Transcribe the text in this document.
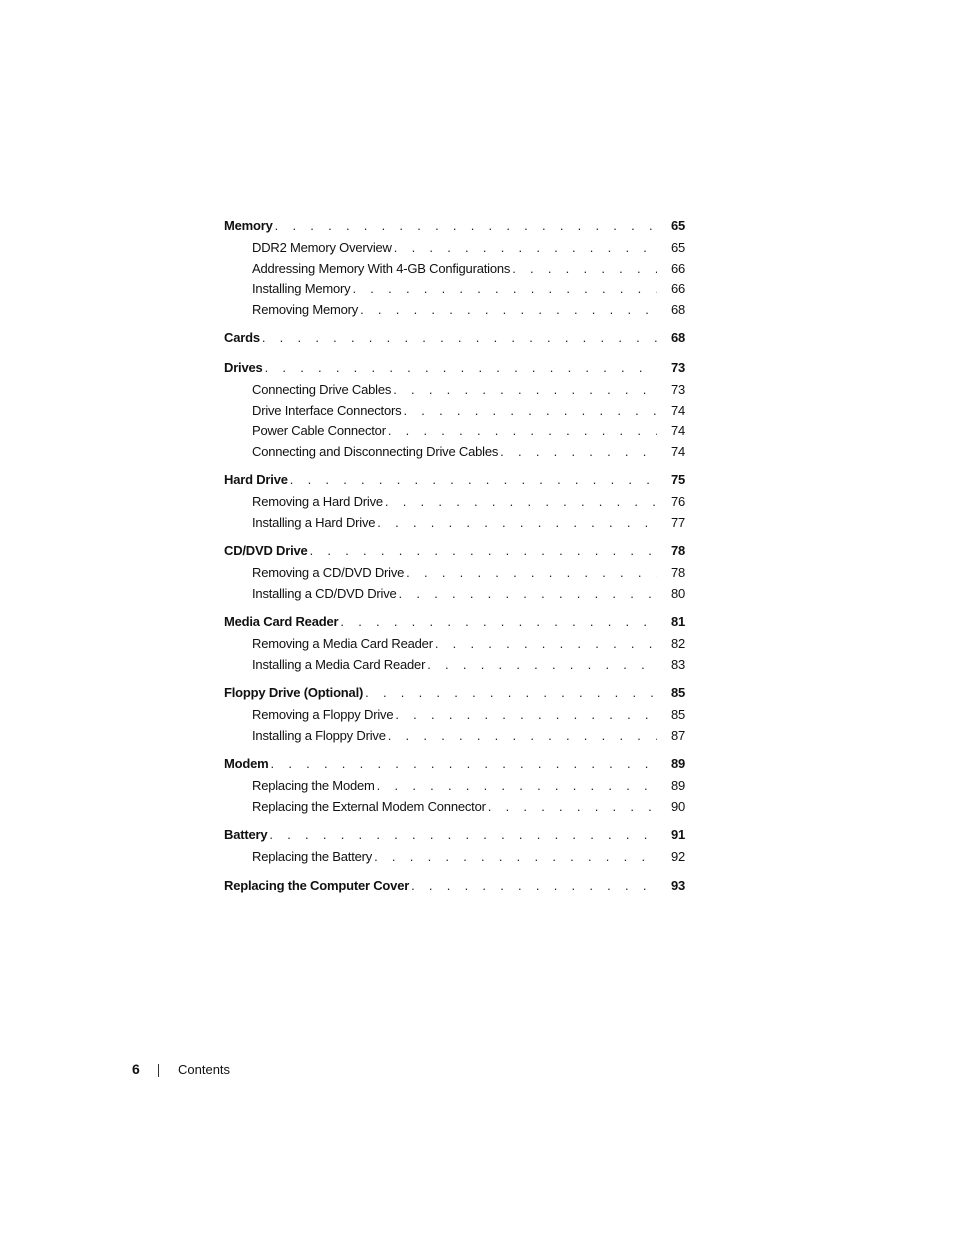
Memory . . .	65
DDR2 Memory Overview . . .	65
Addressing Memory With 4-GB Configurations . . .	66
Installing Memory . . .	66
Removing Memory . . .	68
Cards . . .	68
Drives . . .	73
Connecting Drive Cables . . .	73
Drive Interface Connectors . . .	74
Power Cable Connector . . .	74
Connecting and Disconnecting Drive Cables . . .	74
Hard Drive . . .	75
Removing a Hard Drive . . .	76
Installing a Hard Drive . . .	77
CD/DVD Drive . . .	78
Removing a CD/DVD Drive . . .	78
Installing a CD/DVD Drive . . .	80
Media Card Reader . . .	81
Removing a Media Card Reader . . .	82
Installing a Media Card Reader . . .	83
Floppy Drive (Optional) . . .	85
Removing a Floppy Drive . . .	85
Installing a Floppy Drive . . .	87
Modem . . .	89
Replacing the Modem . . .	89
Replacing the External Modem Connector . . .	90
Battery . . .	91
Replacing the Battery . . .	92
Replacing the Computer Cover . . .	93
6	Contents
